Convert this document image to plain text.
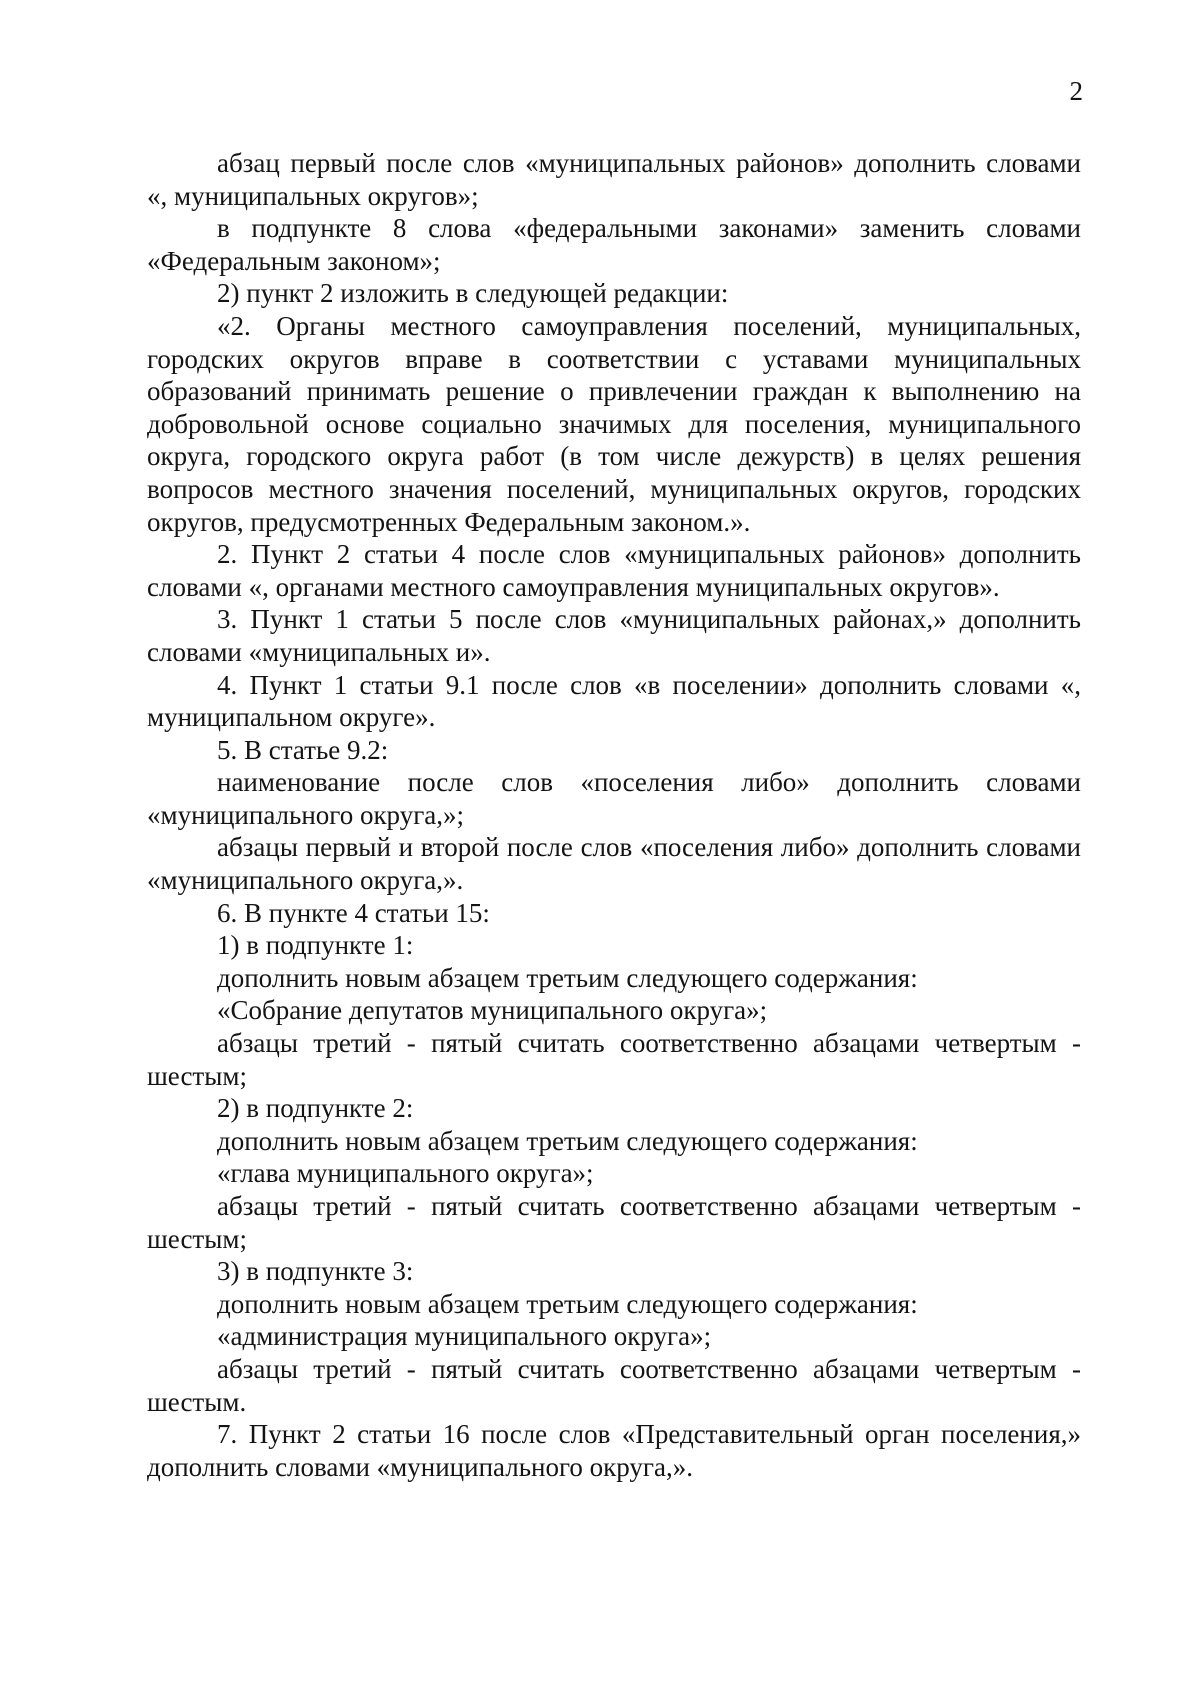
2

абзац первый после слов «муниципальных районов» дополнить словами «, муниципальных округов»;

в подпункте 8 слова «федеральными законами» заменить словами «Федеральным законом»;

2) пункт 2 изложить в следующей редакции:

«2. Органы местного самоуправления поселений, муниципальных, городских округов вправе в соответствии с уставами муниципальных образований принимать решение о привлечении граждан к выполнению на добровольной основе социально значимых для поселения, муниципального округа, городского округа работ (в том числе дежурств) в целях решения вопросов местного значения поселений, муниципальных округов, городских округов, предусмотренных Федеральным законом.».

2. Пункт 2 статьи 4 после слов «муниципальных районов» дополнить словами «, органами местного самоуправления муниципальных округов».

3. Пункт 1 статьи 5 после слов «муниципальных районах,» дополнить словами «муниципальных и».

4. Пункт 1 статьи 9.1 после слов «в поселении» дополнить словами «, муниципальном округе».

5. В статье 9.2:

наименование после слов «поселения либо» дополнить словами «муниципального округа,»;

абзацы первый и второй после слов «поселения либо» дополнить словами «муниципального округа,».

6. В пункте 4 статьи 15:

1) в подпункте 1:

дополнить новым абзацем третьим следующего содержания:

«Собрание депутатов муниципального округа»;

абзацы третий - пятый считать соответственно абзацами четвертым - шестым;

2) в подпункте 2:

дополнить новым абзацем третьим следующего содержания:

«глава муниципального округа»;

абзацы третий - пятый считать соответственно абзацами четвертым - шестым;

3) в подпункте 3:

дополнить новым абзацем третьим следующего содержания:

«администрация муниципального округа»;

абзацы третий - пятый считать соответственно абзацами четвертым - шестым.

7. Пункт 2 статьи 16 после слов «Представительный орган поселения,» дополнить словами «муниципального округа,».
